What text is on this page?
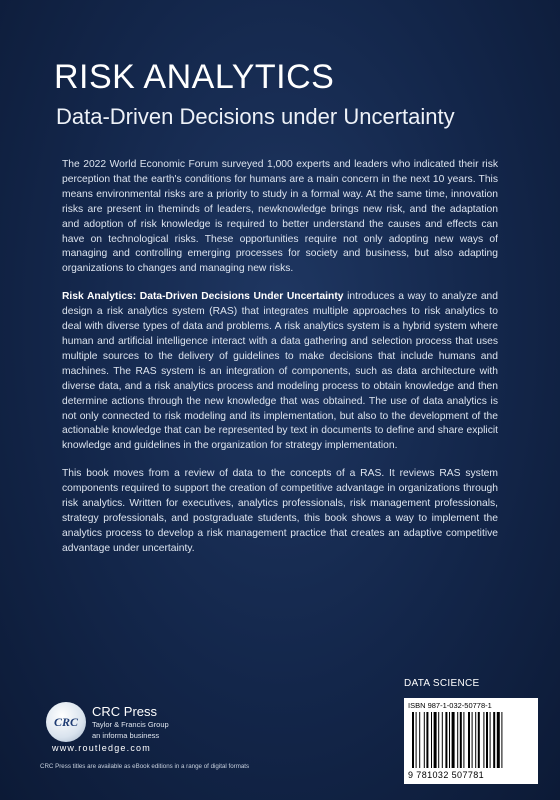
RISK ANALYTICS
Data-Driven Decisions under Uncertainty

The 2022 World Economic Forum surveyed 1,000 experts and leaders who indicated their risk perception that the earth's conditions for humans are a main concern in the next 10 years. This means environmental risks are a priority to study in a formal way. At the same time, innovation risks are present in theminds of leaders, newknowledge brings new risk, and the adaptation and adoption of risk knowledge is required to better understand the causes and effects can have on technological risks. These opportunities require not only adopting new ways of managing and controlling emerging processes for society and business, but also adapting organizations to changes and managing new risks.

Risk Analytics: Data-Driven Decisions Under Uncertainty introduces a way to analyze and design a risk analytics system (RAS) that integrates multiple approaches to risk analytics to deal with diverse types of data and problems. A risk analytics system is a hybrid system where human and artificial intelligence interact with a data gathering and selection process that uses multiple sources to the delivery of guidelines to make decisions that include humans and machines. The RAS system is an integration of components, such as data architecture with diverse data, and a risk analytics process and modeling process to obtain knowledge and then determine actions through the new knowledge that was obtained. The use of data analytics is not only connected to risk modeling and its implementation, but also to the development of the actionable knowledge that can be represented by text in documents to define and share explicit knowledge and guidelines in the organization for strategy implementation.

This book moves from a review of data to the concepts of a RAS. It reviews RAS system components required to support the creation of competitive advantage in organizations through risk analytics. Written for executives, analytics professionals, risk management professionals, strategy professionals, and postgraduate students, this book shows a way to implement the analytics process to develop a risk management practice that creates an adaptive competitive advantage under uncertainty.

DATA SCIENCE
ISBN 987-1-032-50778-1
9 781032 507781
CRC
CRC Press
Taylor & Francis Group
an informa business
www.routledge.com
CRC Press titles are available as eBook editions in a range of digital formats
